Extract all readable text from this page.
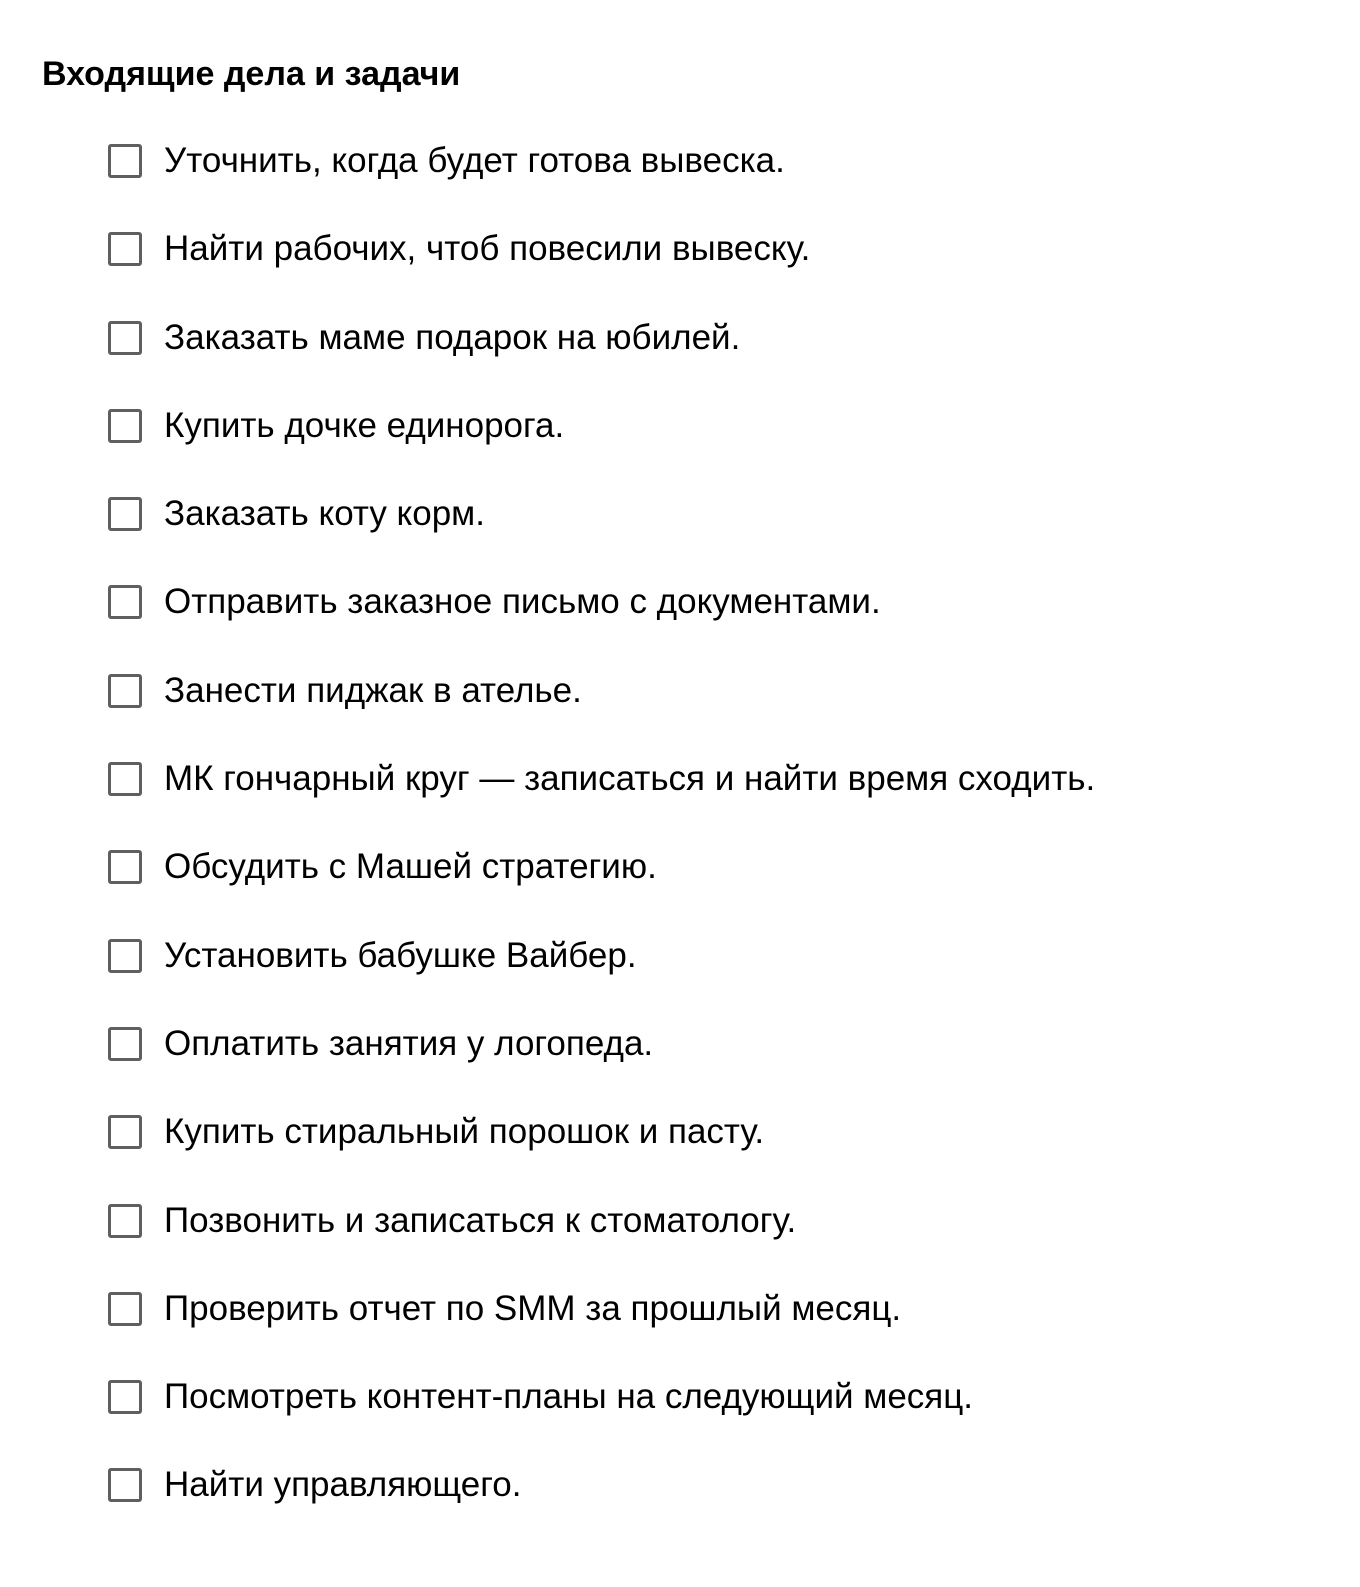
Входящие дела и задачи
Уточнить, когда будет готова вывеска.
Найти рабочих, чтоб повесили вывеску.
Заказать маме подарок на юбилей.
Купить дочке единорога.
Заказать коту корм.
Отправить заказное письмо с документами.
Занести пиджак в ателье.
МК гончарный круг — записаться и найти время сходить.
Обсудить с Машей стратегию.
Установить бабушке Вайбер.
Оплатить занятия у логопеда.
Купить стиральный порошок и пасту.
Позвонить и записаться к стоматологу.
Проверить отчет по SMM за прошлый месяц.
Посмотреть контент-планы на следующий месяц.
Найти управляющего.
